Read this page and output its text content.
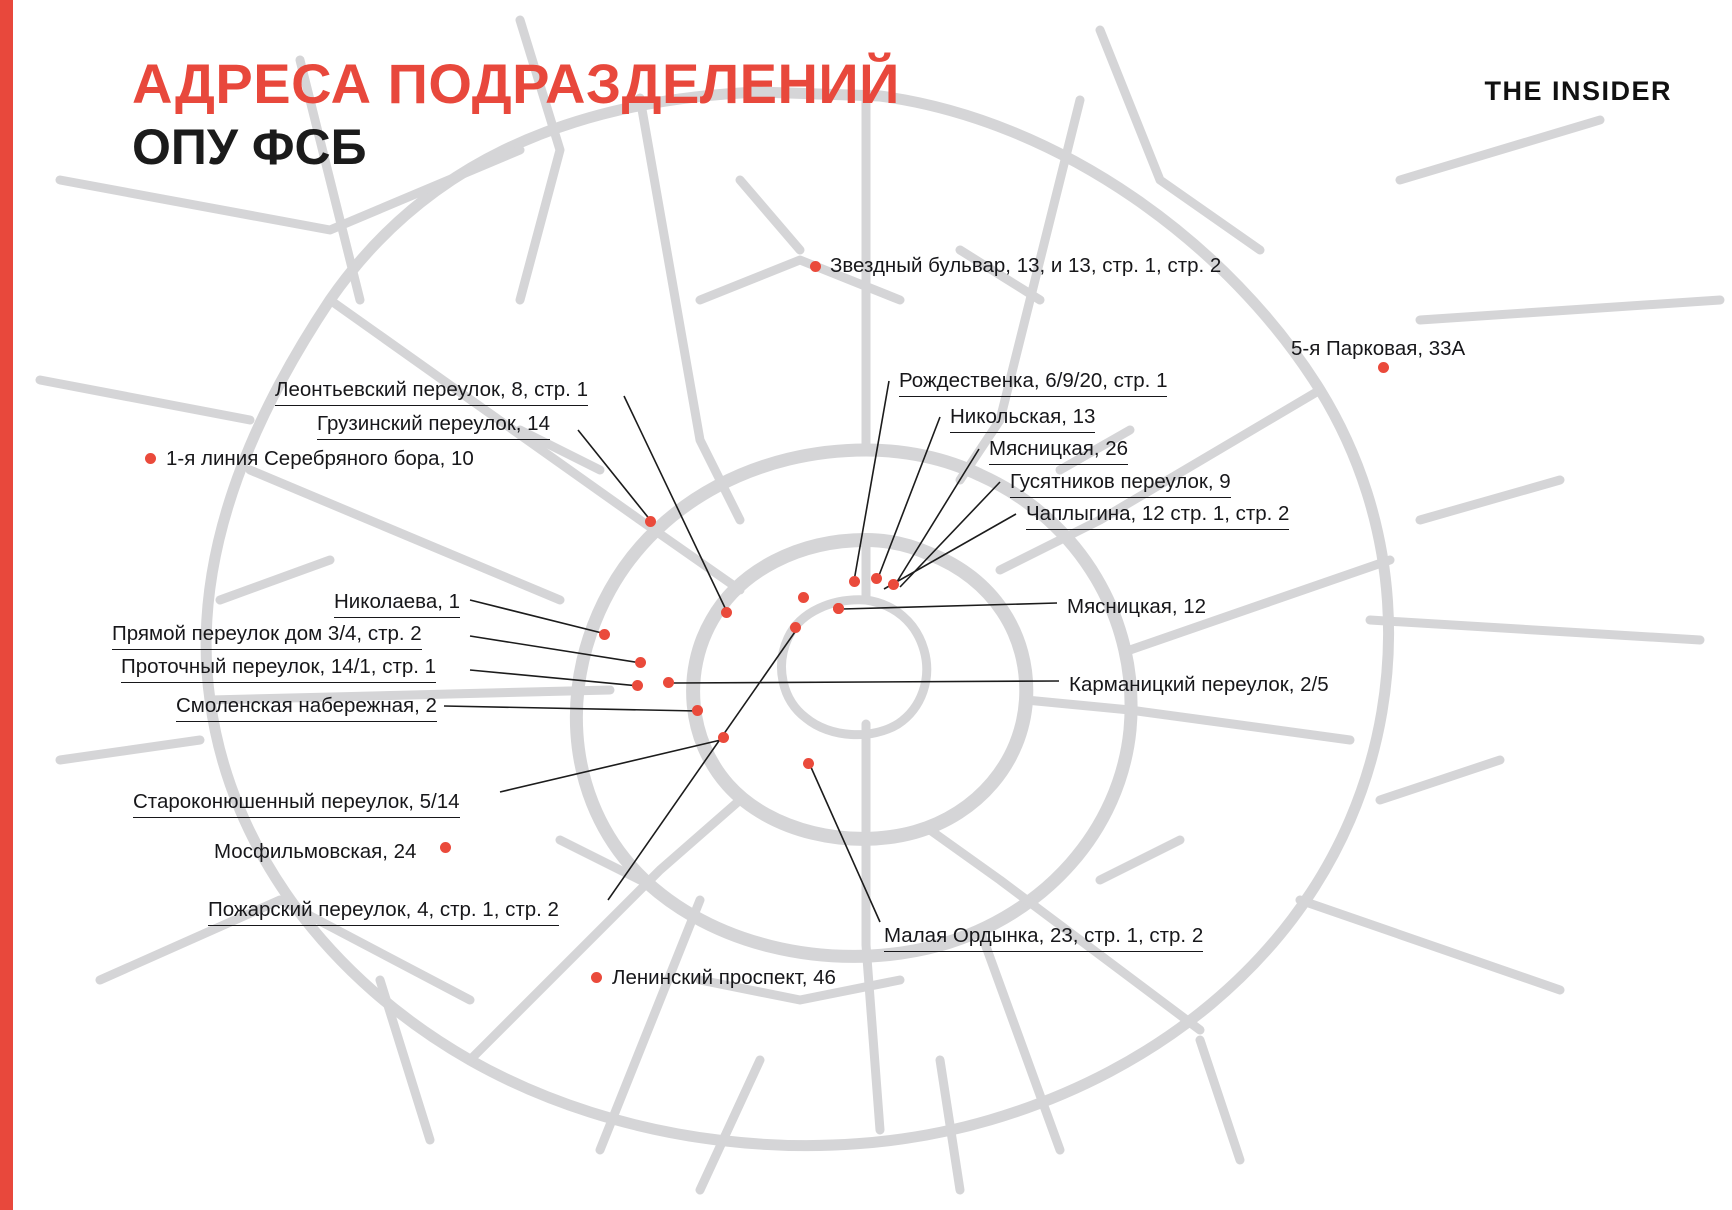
АДРЕСА ПОДРАЗДЕЛЕНИЙ
ОПУ ФСБ
THE INSIDER
Звездный бульвар, 13, и 13, стр. 1, стр. 2
5-я Парковая, 33А
Рождественка, 6/9/20, стр. 1
Никольская, 13
Мясницкая, 26
Гусятников переулок, 9
Чаплыгина, 12 стр. 1, стр. 2
Мясницкая, 12
Карманицкий переулок, 2/5
Леонтьевский переулок, 8, стр. 1
Грузинский переулок, 14
1-я линия Серебряного бора, 10
Николаева, 1
Прямой переулок дом 3/4, стр. 2
Проточный переулок, 14/1, стр. 1
Смоленская набережная, 2
Староконюшенный переулок, 5/14
Мосфильмовская, 24
Пожарский переулок, 4, стр. 1, стр. 2
Малая Ордынка, 23, стр. 1, стр. 2
Ленинский проспект, 46
